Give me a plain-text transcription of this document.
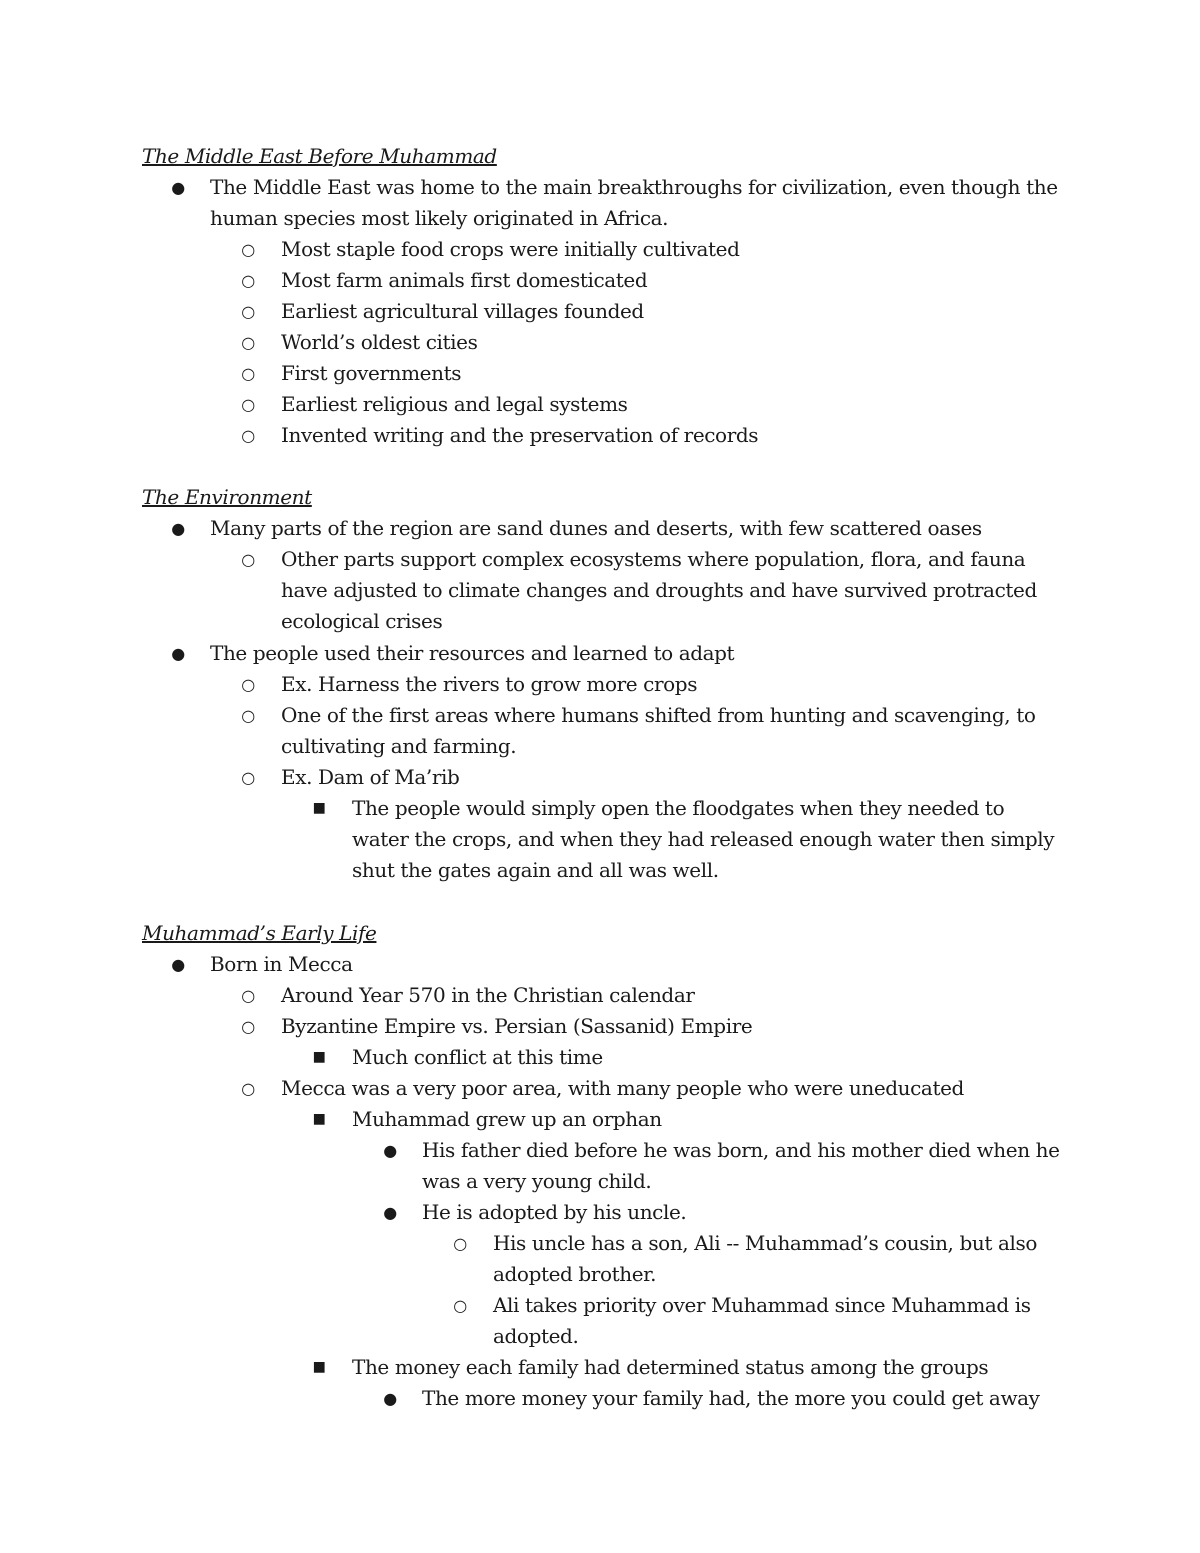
The Middle East Before Muhammad
● The Middle East was home to the main breakthroughs for civilization, even though the human species most likely originated in Africa.
○ Most staple food crops were initially cultivated
○ Most farm animals first domesticated
○ Earliest agricultural villages founded
○ World’s oldest cities
○ First governments
○ Earliest religious and legal systems
○ Invented writing and the preservation of records
The Environment
● Many parts of the region are sand dunes and deserts, with few scattered oases
○ Other parts support complex ecosystems where population, flora, and fauna have adjusted to climate changes and droughts and have survived protracted ecological crises
● The people used their resources and learned to adapt
○ Ex. Harness the rivers to grow more crops
○ One of the first areas where humans shifted from hunting and scavenging, to cultivating and farming.
○ Ex. Dam of Ma’rib
■ The people would simply open the floodgates when they needed to water the crops, and when they had released enough water then simply shut the gates again and all was well.
Muhammad’s Early Life
● Born in Mecca
○ Around Year 570 in the Christian calendar
○ Byzantine Empire vs. Persian (Sassanid) Empire
■ Much conflict at this time
○ Mecca was a very poor area, with many people who were uneducated
■ Muhammad grew up an orphan
● His father died before he was born, and his mother died when he was a very young child.
● He is adopted by his uncle.
○ His uncle has a son, Ali -- Muhammad’s cousin, but also adopted brother.
○ Ali takes priority over Muhammad since Muhammad is adopted.
■ The money each family had determined status among the groups
● The more money your family had, the more you could get away
